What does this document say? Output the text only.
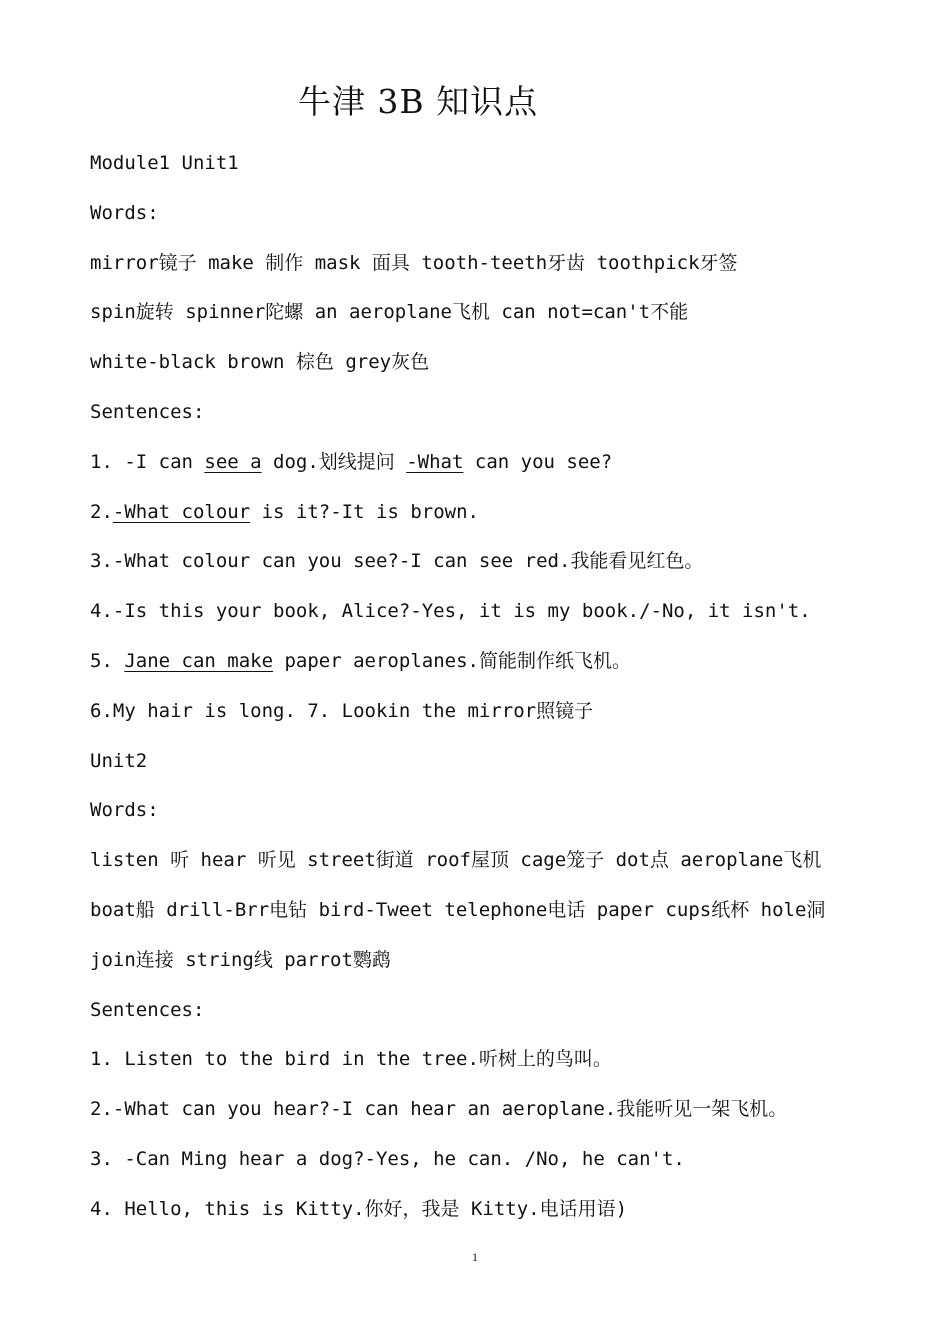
牛津 3B 知识点
Module1 Unit1
Words:
mirror镜子 make 制作 mask 面具 tooth-teeth牙齿 toothpick牙签
spin旋转 spinner陀螺 an aeroplane飞机 can not=can't不能
white-black brown 棕色 grey灰色
Sentences:
1. -I can see a dog.划线提问 -What can you see?
2.-What colour is it?-It is brown.
3.-What colour can you see?-I can see red.我能看见红色。
4.-Is this your book, Alice?-Yes, it is my book./-No, it isn't.
5. Jane can make paper aeroplanes.简能制作纸飞机。
6.My hair is long. 7. Lookin the mirror照镜子
Unit2
Words:
listen 听 hear 听见 street街道 roof屋顶 cage笼子 dot点 aeroplane飞机
boat船 drill-Brr电钻 bird-Tweet telephone电话 paper cups纸杯 hole洞
join连接 string线 parrot鹦鹉
Sentences:
1. Listen to the bird in the tree.听树上的鸟叫。
2.-What can you hear?-I can hear an aeroplane.我能听见一架飞机。
3. -Can Ming hear a dog?-Yes, he can. /No, he can't.
4. Hello, this is Kitty.你好，我是 Kitty.电话用语)
1
